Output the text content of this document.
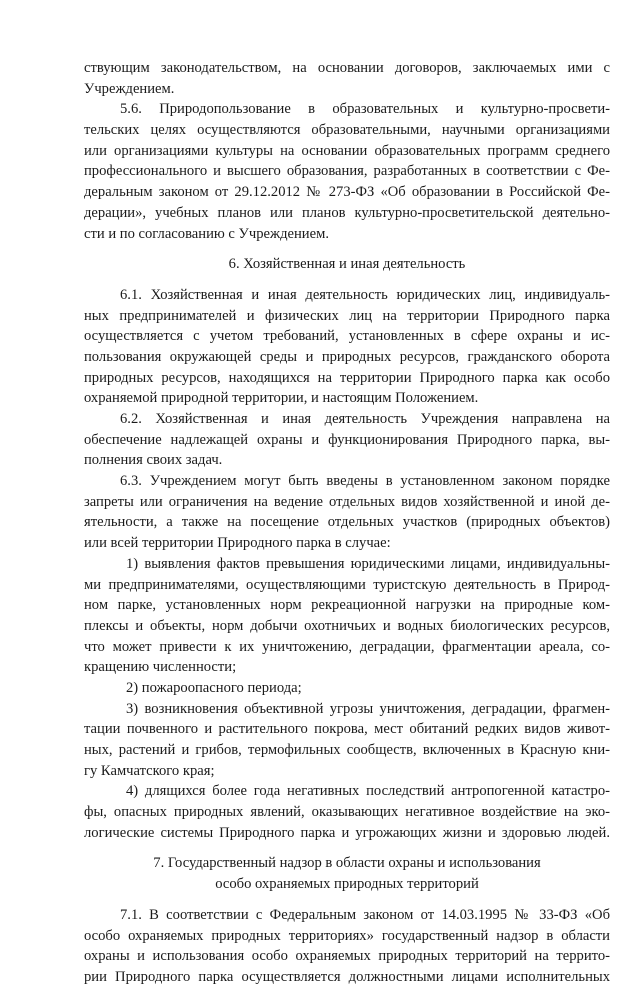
ствующим законодательством, на основании договоров, заключаемых ими с
Учреждением.
5.6. Природопользование в образовательных и культурно-просвети-
тельских целях осуществляются образовательными, научными организациями
или организациями культуры на основании образовательных программ среднего
профессионального и высшего образования, разработанных в соответствии с Фе-
деральным законом от 29.12.2012 № 273-ФЗ «Об образовании в Российской Фе-
дерации», учебных планов или планов культурно-просветительской деятельно-
сти и по согласованию с Учреждением.
6. Хозяйственная и иная деятельность
6.1. Хозяйственная и иная деятельность юридических лиц, индивидуаль-
ных предпринимателей и физических лиц на территории Природного парка
осуществляется с учетом требований, установленных в сфере охраны и ис-
пользования окружающей среды и природных ресурсов, гражданского оборота
природных ресурсов, находящихся на территории Природного парка как особо
охраняемой природной территории, и настоящим Положением.
6.2. Хозяйственная и иная деятельность Учреждения направлена на
обеспечение надлежащей охраны и функционирования Природного парка, вы-
полнения своих задач.
6.3. Учреждением могут быть введены в установленном законом порядке
запреты или ограничения на ведение отдельных видов хозяйственной и иной де-
ятельности, а также на посещение отдельных участков (природных объектов)
или всей территории Природного парка в случае:
1) выявления фактов превышения юридическими лицами, индивидуальны-
ми предпринимателями, осуществляющими туристскую деятельность в Природ-
ном парке, установленных норм рекреационной нагрузки на природные ком-
плексы и объекты, норм добычи охотничьих и водных биологических ресурсов,
что может привести к их уничтожению, деградации, фрагментации ареала, со-
кращению численности;
2) пожароопасного периода;
3) возникновения объективной угрозы уничтожения, деградации, фрагмен-
тации почвенного и растительного покрова, мест обитаний редких видов живот-
ных, растений и грибов, термофильных сообществ, включенных в Красную кни-
гу Камчатского края;
4) длящихся более года негативных последствий антропогенной катастро-
фы, опасных природных явлений, оказывающих негативное воздействие на эко-
логические системы Природного парка и угрожающих жизни и здоровью людей.
7. Государственный надзор в области охраны и использования
особо охраняемых природных территорий
7.1. В соответствии с Федеральным законом от 14.03.1995 № 33-ФЗ «Об
особо охраняемых природных территориях» государственный надзор в области
охраны и использования особо охраняемых природных территорий на террито-
рии Природного парка осуществляется должностными лицами исполнительных
